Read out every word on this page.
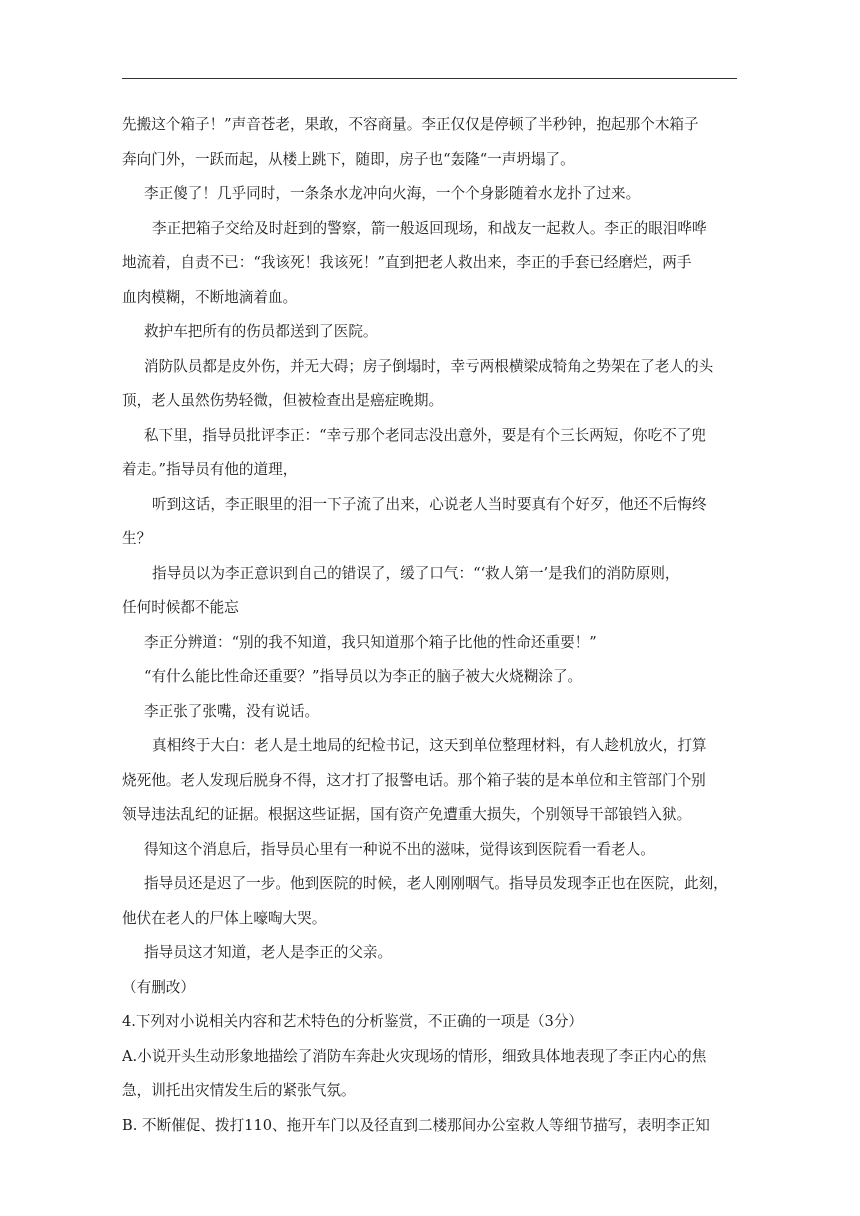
先搬这个箱子！”声音苍老，果敢，不容商量。李正仅仅是停顿了半秒钟，抱起那个木箱子
奔向门外，一跃而起，从楼上跳下，随即，房子也“轰隆“一声坍塌了。
李正傻了！几乎同时，一条条水龙冲向火海，一个个身影随着水龙扑了过来。
李正把箱子交给及时赶到的警察，箭一般返回现场，和战友一起救人。李正的眼泪哗哗
地流着，自责不已：“我该死！我该死！”直到把老人救出来，李正的手套已经磨烂，两手
血肉模糊，不断地滴着血。
救护车把所有的伤员都送到了医院。
消防队员都是皮外伤，并无大碍；房子倒塌时，幸亏两根横梁成犄角之势架在了老人的头
顶，老人虽然伤势轻微，但被检查出是癌症晚期。
私下里，指导员批评李正：“幸亏那个老同志没出意外，要是有个三长两短，你吃不了兜
着走。”指导员有他的道理，
听到这话，李正眼里的泪一下子流了出来，心说老人当时要真有个好歹，他还不后悔终
生？
指导员以为李正意识到自己的错误了，缓了口气：“‘救人第一’是我们的消防原则，
任何时候都不能忘
李正分辨道：“别的我不知道，我只知道那个箱子比他的性命还重要！”
“有什么能比性命还重要？”指导员以为李正的脑子被大火烧糊涂了。
李正张了张嘴，没有说话。
真相终于大白：老人是土地局的纪检书记，这天到单位整理材料，有人趁机放火，打算
烧死他。老人发现后脱身不得，这才打了报警电话。那个箱子装的是本单位和主管部门个别
领导违法乱纪的证据。根据这些证据，国有资产免遭重大损失，个别领导干部锒铛入狱。
得知这个消息后，指导员心里有一种说不出的滋味，觉得该到医院看一看老人。
指导员还是迟了一步。他到医院的时候，老人刚刚咽气。指导员发现李正也在医院，此刻，
他伏在老人的尸体上嚎啕大哭。
指导员这才知道，老人是李正的父亲。
（有删改）
4.下列对小说相关内容和艺术特色的分析鉴赏，不正确的一项是（3分）
A.小说开头生动形象地描绘了消防车奔赴火灾现场的情形，细致具体地表现了李正内心的焦
急，训托出灾情发生后的紧张气氛。
B. 不断催促、拨打110、拖开车门以及径直到二楼那间办公室救人等细节描写，表明李正知
